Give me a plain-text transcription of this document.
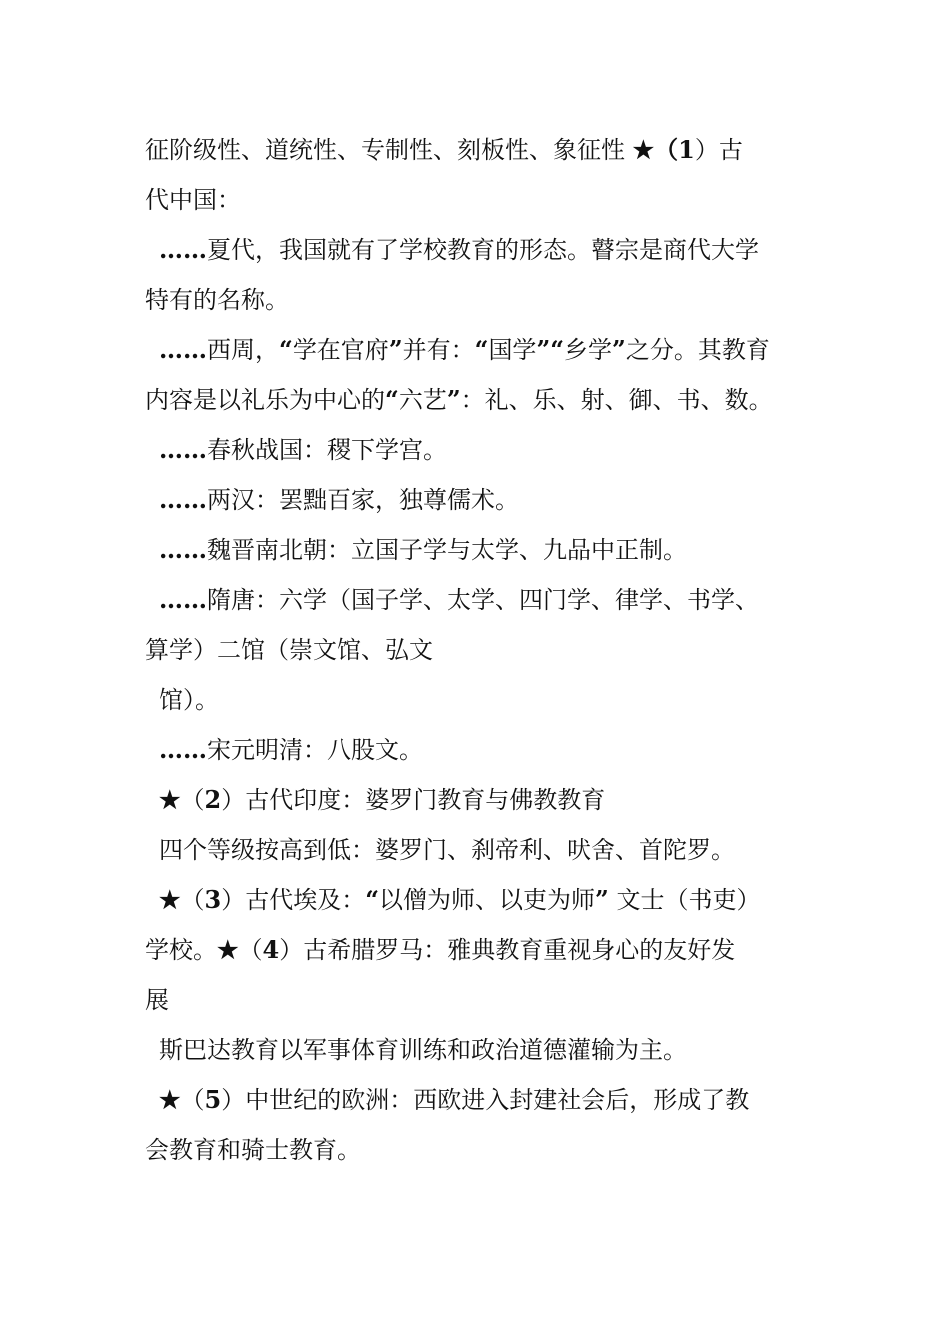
征阶级性、道统性、专制性、刻板性、象征性 ★（1）古
代中国：
……夏代，我国就有了学校教育的形态。瞽宗是商代大学
特有的名称。
……西周，“学在官府”并有：“国学”“乡学”之分。其教育
内容是以礼乐为中心的“六艺”：礼、乐、射、御、书、数。
……春秋战国：稷下学宫。
……两汉：罢黜百家，独尊儒术。
……魏晋南北朝：立国子学与太学、九品中正制。
……隋唐：六学（国子学、太学、四门学、律学、书学、
算学）二馆（崇文馆、弘文
馆）。
……宋元明清：八股文。
★（2）古代印度：婆罗门教育与佛教教育
四个等级按高到低：婆罗门、刹帝利、吠舍、首陀罗。
★（3）古代埃及：“以僧为师、以吏为师” 文士（书吏）
学校。★（4）古希腊罗马：雅典教育重视身心的友好发
展
斯巴达教育以军事体育训练和政治道德灌输为主。
★（5）中世纪的欧洲：西欧进入封建社会后，形成了教
会教育和骑士教育。
